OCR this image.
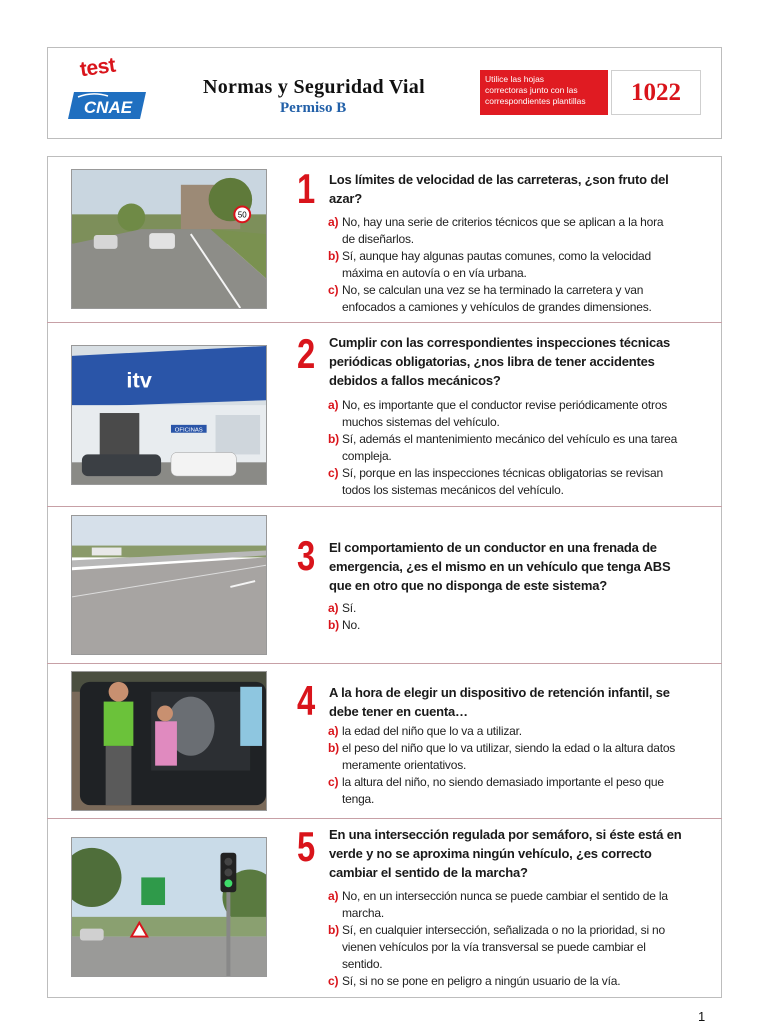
test
CNAE
Normas y Seguridad Vial
Permiso B
Utilice las hojas
correctoras junto con las
correspondientes plantillas	1022
50
1 Los límites de velocidad de las carreteras, ¿son fruto del
azar?
a) No, hay una serie de criterios técnicos que se aplican a la hora
de diseñarlos.
b) Sí, aunque hay algunas pautas comunes, como la velocidad
máxima en autovía o en vía urbana.
c) No, se calculan una vez se ha terminado la carretera y van
enfocados a camiones y vehículos de grandes dimensiones.
itv
OFICINAS
2 Cumplir con las correspondientes inspecciones técnicas
periódicas obligatorias, ¿nos libra de tener accidentes
debidos a fallos mecánicos?
a) No, es importante que el conductor revise periódicamente otros
muchos sistemas del vehículo.
b) Sí, además el mantenimiento mecánico del vehículo es una tarea
compleja.
c) Sí, porque en las inspecciones técnicas obligatorias se revisan
todos los sistemas mecánicos del vehículo.
3 El comportamiento de un conductor en una frenada de
emergencia, ¿es el mismo en un vehículo que tenga ABS
que en otro que no disponga de este sistema?
a) Sí.
b) No.
4 A la hora de elegir un dispositivo de retención infantil, se
debe tener en cuenta…
a) la edad del niño que lo va a utilizar.
b) el peso del niño que lo va utilizar, siendo la edad o la altura datos
meramente orientativos.
c) la altura del niño, no siendo demasiado importante el peso que
tenga.
5 En una intersección regulada por semáforo, si éste está en
verde y no se aproxima ningún vehículo, ¿es correcto
cambiar el sentido de la marcha?
a) No, en un intersección nunca se puede cambiar el sentido de la
marcha.
b) Sí, en cualquier intersección, señalizada o no la prioridad, si no
vienen vehículos por la vía transversal se puede cambiar el
sentido.
c) Sí, si no se pone en peligro a ningún usuario de la vía.
1
